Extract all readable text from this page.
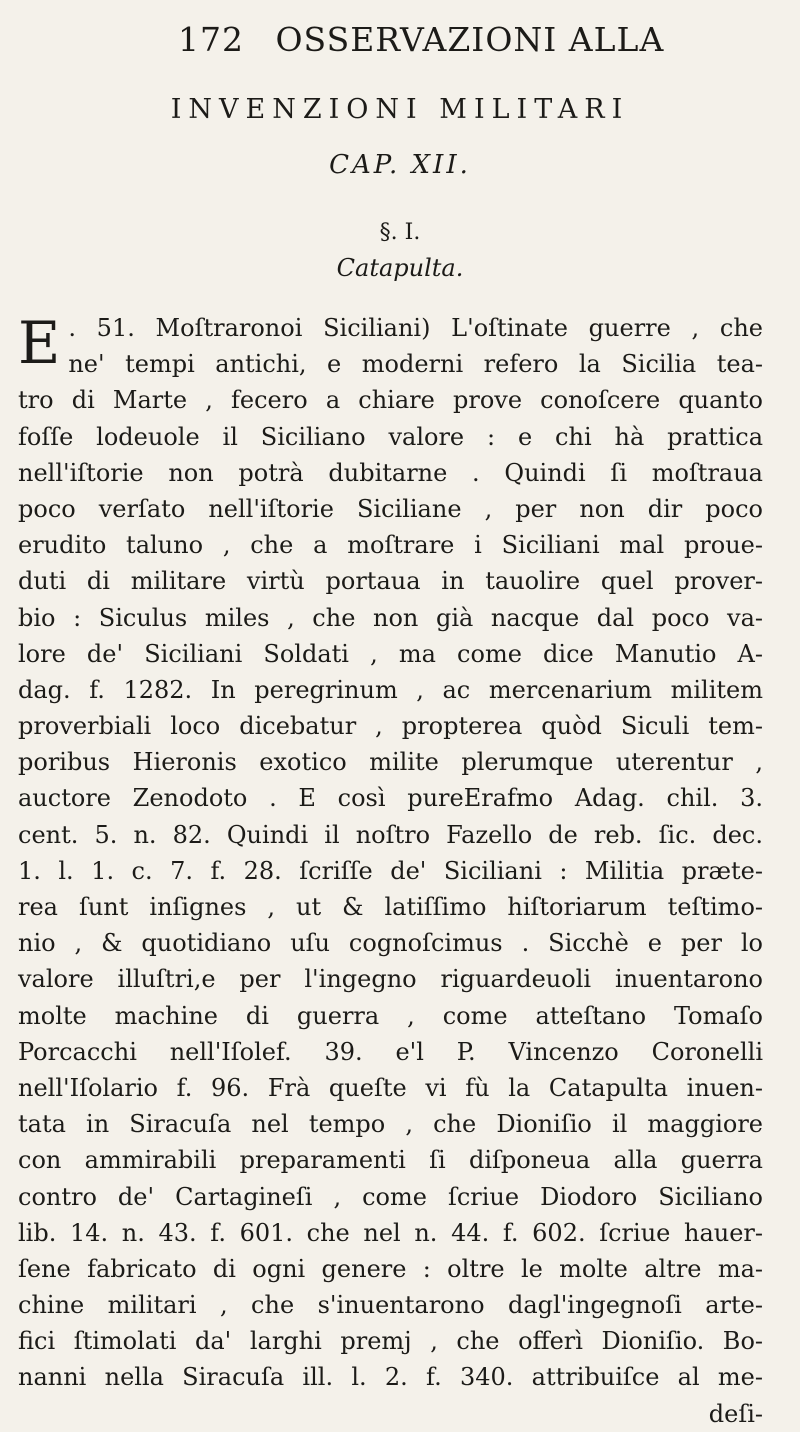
172 OSSERVAZIONI ALLA
INVENZIONI MILITARI
CAP. XII.
§. I.
Catapulta.
E . 51. Moſtraronoi Siciliani) L'oſtinate guerre , che
ne' tempi antichi, e moderni refero la Sicilia tea-
tro di Marte , fecero a chiare prove conoſcere quanto
foſſe lodeuole il Siciliano valore : e chi hà prattica
nell'iſtorie non potrà dubitarne . Quindi ſi moſtraua
poco verſato nell'iſtorie Siciliane , per non dir poco
erudito taluno , che a moſtrare i Siciliani mal proue-
duti di militare virtù portaua in tauolire quel prover-
bio : Siculus miles , che non già nacque dal poco va-
lore de' Siciliani Soldati , ma come dice Manutio A-
dag. f. 1282. In peregrinum , ac mercenarium militem
proverbiali loco dicebatur , propterea quòd Siculi tem-
poribus Hieronis exotico milite plerumque uterentur ,
auctore Zenodoto . E così pureErafmo Adag. chil. 3.
cent. 5. n. 82. Quindi il noſtro Fazello de reb. ſic. dec.
1. l. 1. c. 7. f. 28. ſcriſſe de' Siciliani : Militia præte-
rea ſunt inſignes , ut & latiſſimo hiſtoriarum teſtimo-
nio , & quotidiano uſu cognoſcimus . Sicchè e per lo
valore illuſtri,e per l'ingegno riguardeuoli inuentarono
molte machine di guerra , come atteſtano Tomaſo
Porcacchi nell'Iſolef. 39. e'l P. Vincenzo Coronelli
nell'Iſolario f. 96. Frà queſte vi fù la Catapulta inuen-
tata in Siracuſa nel tempo , che Dioniſio il maggiore
con ammirabili preparamenti ſi diſponeua alla guerra
contro de' Cartagineſi , come ſcriue Diodoro Siciliano
lib. 14. n. 43. f. 601. che nel n. 44. f. 602. ſcriue hauer-
ſene fabricato di ogni genere : oltre le molte altre ma-
chine militari , che s'inuentarono dagl'ingegnoſi arte-
fici ſtimolati da' larghi premj , che offerì Dioniſio. Bo-
nanni nella Siracuſa ill. l. 2. f. 340. attribuiſce al me-
deſi-
